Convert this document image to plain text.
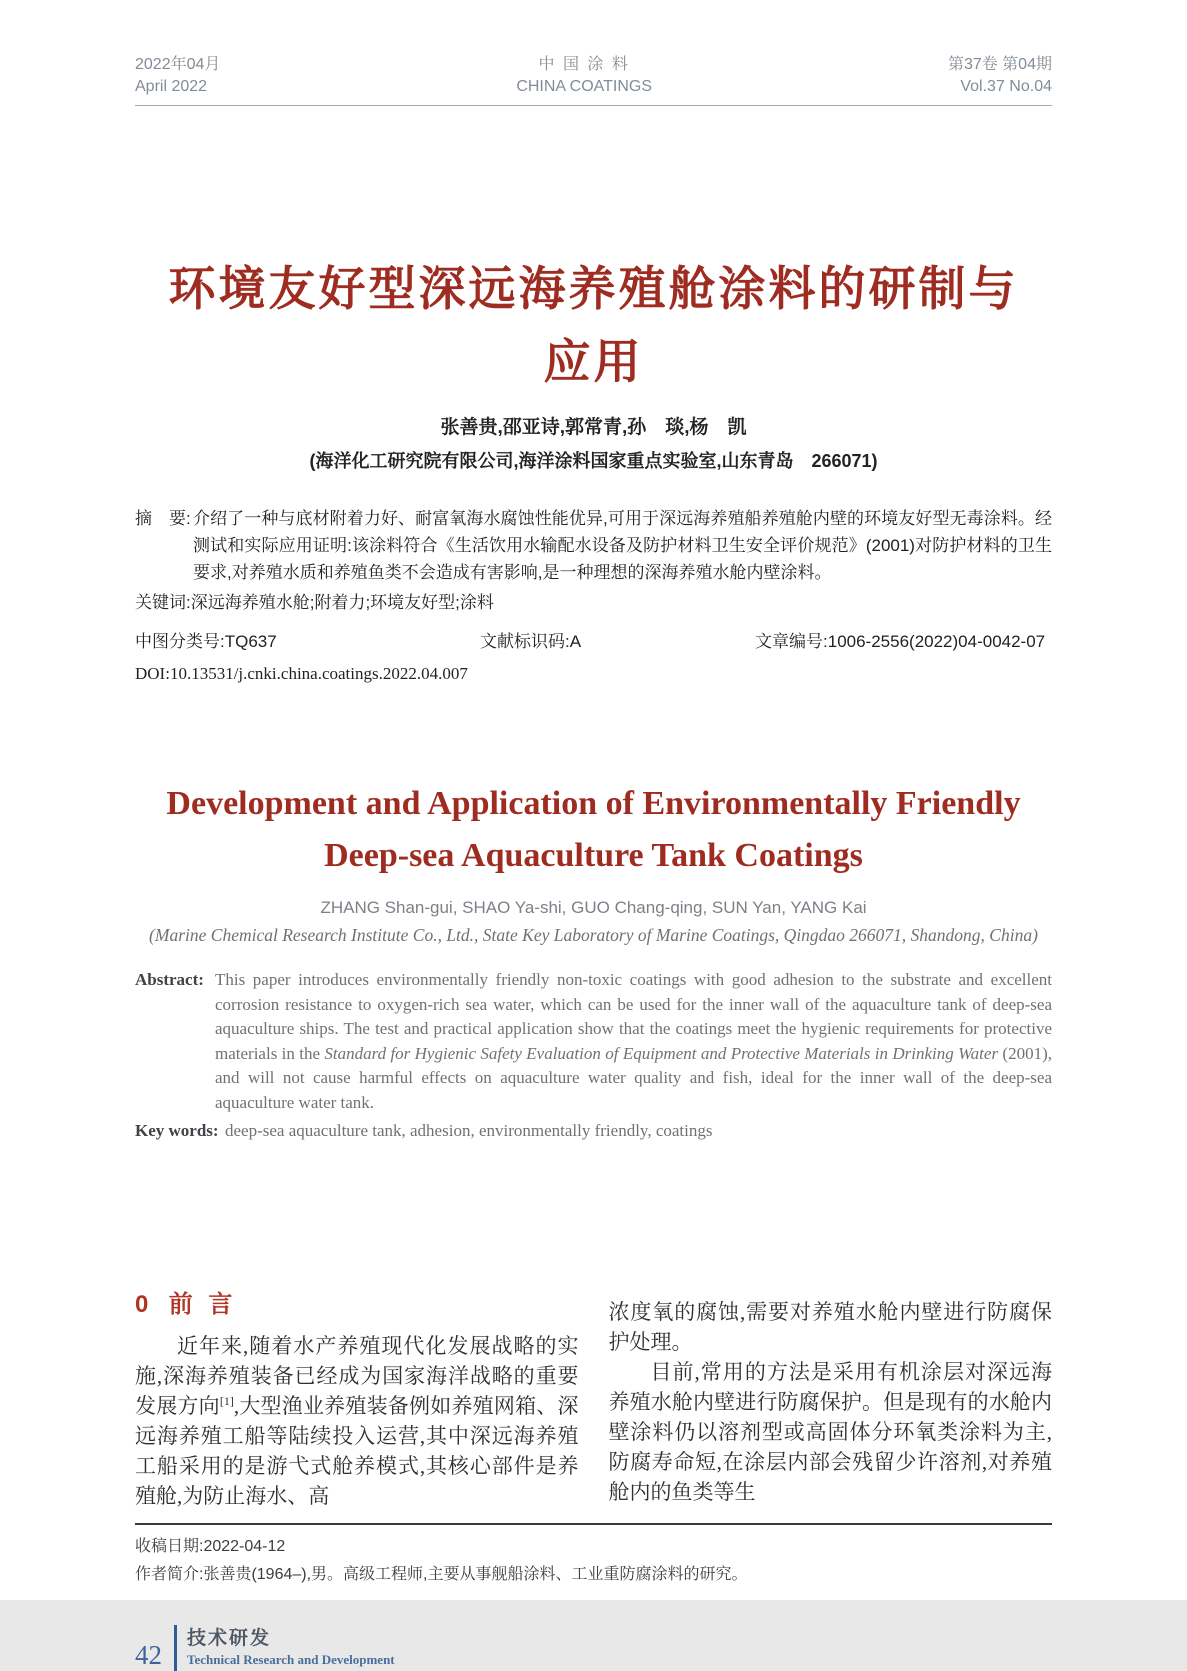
2022年04月
April 2022
中 国 涂 料
CHINA COATINGS
第37卷 第04期
Vol.37 No.04
环境友好型深远海养殖舱涂料的研制与
应用
张善贵,邵亚诗,郭常青,孙　琰,杨　凯
(海洋化工研究院有限公司,海洋涂料国家重点实验室,山东青岛　266071)
摘　要: 介绍了一种与底材附着力好、耐富氧海水腐蚀性能优异,可用于深远海养殖船养殖舱内壁的环境友好型无毒涂料。经测试和实际应用证明:该涂料符合《生活饮用水输配水设备及防护材料卫生安全评价规范》(2001)对防护材料的卫生要求,对养殖水质和养殖鱼类不会造成有害影响,是一种理想的深海养殖水舱内壁涂料。
关键词:深远海养殖水舱;附着力;环境友好型;涂料
中图分类号:TQ637	文献标识码:A	文章编号:1006-2556(2022)04-0042-07
DOI:10.13531/j.cnki.china.coatings.2022.04.007
Development and Application of Environmentally Friendly
Deep-sea Aquaculture Tank Coatings
ZHANG Shan-gui, SHAO Ya-shi, GUO Chang-qing, SUN Yan, YANG Kai
(Marine Chemical Research Institute Co., Ltd., State Key Laboratory of Marine Coatings, Qingdao 266071, Shandong, China)
Abstract: This paper introduces environmentally friendly non-toxic coatings with good adhesion to the substrate and excellent corrosion resistance to oxygen-rich sea water, which can be used for the inner wall of the aquaculture tank of deep-sea aquaculture ships. The test and practical application show that the coatings meet the hygienic requirements for protective materials in the Standard for Hygienic Safety Evaluation of Equipment and Protective Materials in Drinking Water (2001), and will not cause harmful effects on aquaculture water quality and fish, ideal for the inner wall of the deep-sea aquaculture water tank.
Key words: deep-sea aquaculture tank, adhesion, environmentally friendly, coatings
0 前言

近年来,随着水产养殖现代化发展战略的实施,深海养殖装备已经成为国家海洋战略的重要发展方向[1],大型渔业养殖装备例如养殖网箱、深远海养殖工船等陆续投入运营,其中深远海养殖工船采用的是游弋式舱养模式,其核心部件是养殖舱,为防止海水、高

浓度氧的腐蚀,需要对养殖水舱内壁进行防腐保护处理。

目前,常用的方法是采用有机涂层对深远海养殖水舱内壁进行防腐保护。但是现有的水舱内壁涂料仍以溶剂型或高固体分环氧类涂料为主,防腐寿命短,在涂层内部会残留少许溶剂,对养殖舱内的鱼类等生

收稿日期:2022-04-12
作者简介:张善贵(1964–),男。高级工程师,主要从事舰船涂料、工业重防腐涂料的研究。
42
技术研发
Technical Research and Development
